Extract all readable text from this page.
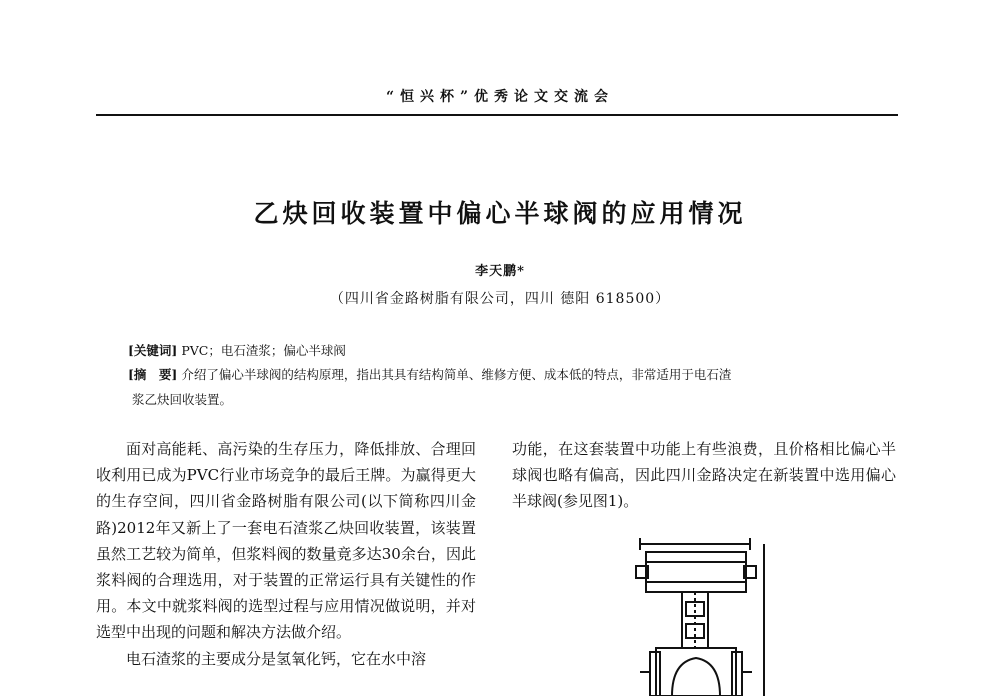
“恒兴杯”优秀论文交流会
乙炔回收装置中偏心半球阀的应用情况
李天鹏*
（四川省金路树脂有限公司，四川 德阳 618500）
[关键词] PVC；电石渣浆；偏心半球阀
[摘　要] 介绍了偏心半球阀的结构原理，指出其具有结构简单、维修方便、成本低的特点，非常适用于电石渣
浆乙炔回收装置。

面对高能耗、高污染的生存压力，降低排放、合理回收利用已成为PVC行业市场竞争的最后王牌。为赢得更大的生存空间，四川省金路树脂有限公司(以下简称四川金路)2012年又新上了一套电石渣浆乙炔回收装置，该装置虽然工艺较为简单，但浆料阀的数量竟多达30余台，因此浆料阀的合理选用，对于装置的正常运行具有关键性的作用。本文中就浆料阀的选型过程与应用情况做说明，并对选型中出现的问题和解决方法做介绍。

电石渣浆的主要成分是氢氧化钙，它在水中溶

功能，在这套装置中功能上有些浪费，且价格相比偏心半球阀也略有偏高，因此四川金路决定在新装置中选用偏心半球阀(参见图1)。
